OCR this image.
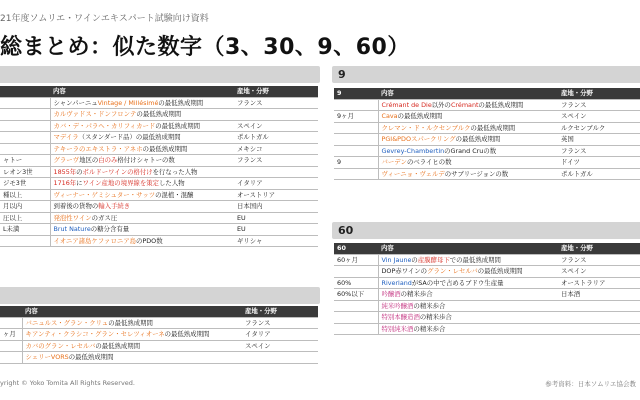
21年度ソムリエ・ワインエキスパート試験向け資料
総まとめ：似た数字（3、30、9、60）
	内容	産地・分野
	シャンパーニュVintage / Millésiméの最低熟成期間	フランス
	カルヴァドス・ドンフロンテの最低熟成期間	
	カバ・デ・パラヘ・カリフィカードの最低熟成期間	スペイン
	マデイラ（スタンダード品）の最低熟成期間	ポルトガル
	テキーラのエキストラ・アネホの最低熟成期間	メキシコ
ャトー	グラーヴ地区の白のみ格付けシャトーの数	フランス
レオン3世	1855年のボルドーワインの格付けを行なった人物	
ジモ3世	1716年にワイン産地の境界線を策定した人物	イタリア
種以上	ヴィーナー・ゲミシュター・サッツの混植・混醸	オーストリア
月以内	到着後の貨物の輸入手続き	日本国内
圧以上	発泡性ワインのガス圧	EU
L未満	Brut Natureの糖分含有量	EU
	イオニア諸島ケファロニア島のPDO数	ギリシャ
	内容	産地・分野
	バニュルス・グラン・クリュの最低熟成期間	フランス
ヶ月	キアンティ・クラシコ・グラン・セレツィオーネの最低熟成期間	イタリア
	カバのグラン・レセルバの最低熟成期間	スペイン
	シェリーVORSの最低熟成期間	
9
9	内容	産地・分野
	Crémant de Die以外のCrémantの最低熟成期間	フランス
9ヶ月	Cavaの最低熟成期間	スペイン
	クレマン・ド・ルクセンブルクの最低熟成期間	ルクセンブルク
	PGI&PDOスパークリングの最低熟成期間	英国
	Gevrey-ChambertinのGrand Cruの数	フランス
9	バーデンのベライヒの数	ドイツ
	ヴィーニョ・ヴェルデのサブリージョンの数	ポルトガル
60
60	内容	産地・分野
60ヶ月	Vin Jauneの産膜酵母下での最低熟成期間	フランス
	DOP赤ワインのグラン・レセルバの最低熟成期間	スペイン
60%	RiverlandがSAの中で占めるブドウ生産量	オーストラリア
60%以下	吟醸酒の精米歩合	日本酒
	純米吟醸酒の精米歩合	
	特別本醸造酒の精米歩合	
	特別純米酒の精米歩合	
yright © Yoko Tomita All Rights Reserved.	参考資料：日本ソムリエ協会教
